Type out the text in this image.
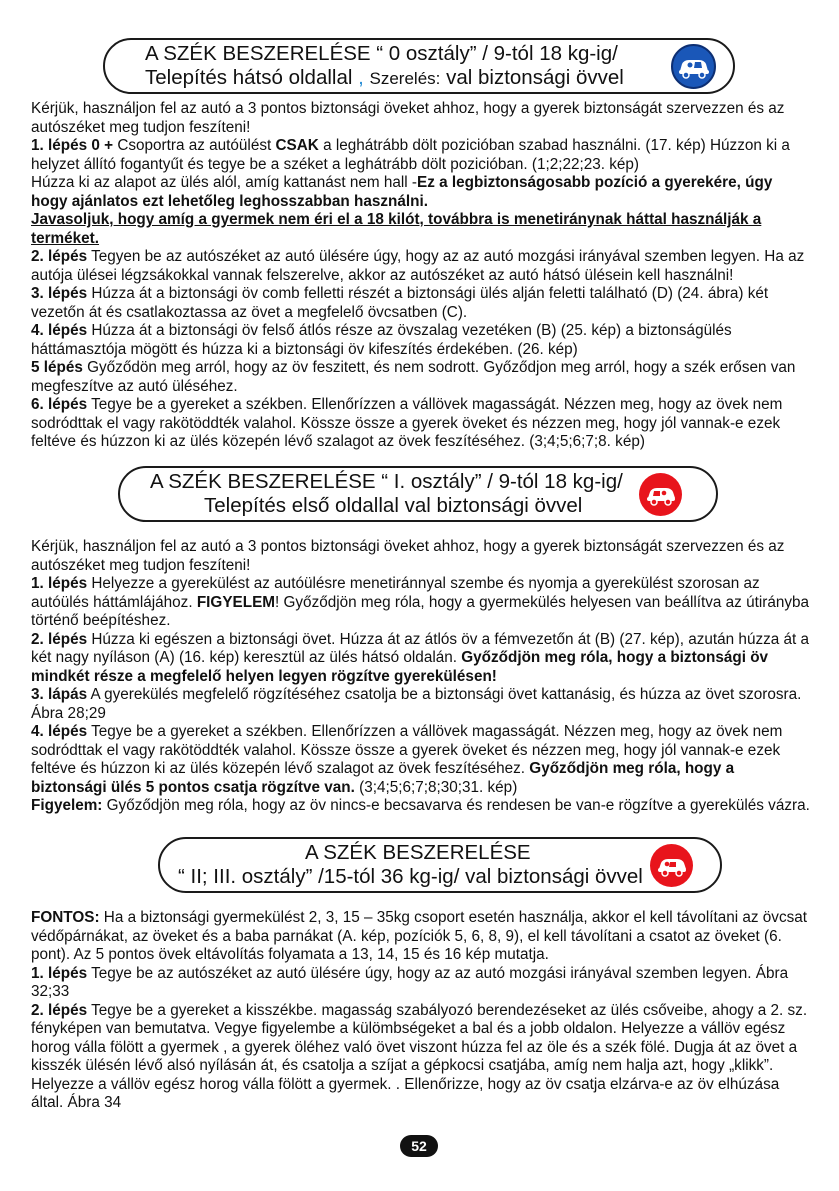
A SZÉK BESZERELÉSE “ 0 osztály” / 9-tól 18 kg-ig/
Telepítés hátsó oldallal , Szerelés: val biztonsági övvel

Kérjük, használjon fel az autó a 3 pontos biztonsági öveket ahhoz, hogy a gyerek biztonságát szervezzen és az autószéket meg tudjon feszíteni!

1. lépés 0 + Csoportra az autóülést CSAK a leghátrább dölt pozicióban szabad használni. (17. kép) Húzzon ki a helyzet állító fogantyűt és tegye be a széket a leghátrább dölt pozicióban. (1;2;22;23. kép)

Húzza ki az alapot az ülés alól, amíg kattanást nem hall -Ez a legbiztonságosabb pozíció a gyerekére, úgy hogy ajánlatos ezt lehetőleg leghosszabban használni.

Javasoljuk, hogy amíg a gyermek nem éri el a 18 kilót, továbbra is menetiránynak háttal használják a terméket.

2. lépés Tegyen be az autószéket az autó ülésére úgy, hogy az az autó mozgási irányával szemben legyen. Ha az autója ülései légzsákokkal vannak felszerelve, akkor az autószéket az autó hátsó ülésein kell használni!

3. lépés Húzza át a biztonsági öv comb felletti részét a biztonsági ülés alján feletti található (D) (24. ábra) két vezetőn át és csatlakoztassa az övet a megfelelő övcsatben (C).

4. lépés Húzza át a biztonsági öv felső átlós része az övszalag vezetéken (B) (25. kép) a biztonságülés háttámasztója mögött és húzza ki a biztonsági öv kifeszítés érdekében. (26. kép)

5 lépés Győződön meg arról, hogy az öv feszitett, és nem sodrott. Győződjon meg arról, hogy a szék erősen van megfeszítve az autó üléséhez.

6. lépés Tegye be a gyereket a székben. Ellenőrízzen a vállövek magasságát. Nézzen meg, hogy az övek nem sodródttak el vagy rakötöddték valahol. Kössze össze a gyerek öveket és nézzen meg, hogy jól vannak-e ezek feltéve és húzzon ki az ülés közepén lévő szalagot az övek feszítéséhez. (3;4;5;6;7;8. kép)

A SZÉK BESZERELÉSE “ I. osztály” / 9-tól 18 kg-ig/
Telepítés első oldallal val biztonsági övvel

Kérjük, használjon fel az autó a 3 pontos biztonsági öveket ahhoz, hogy a gyerek biztonságát szervezzen és az autószéket meg tudjon feszíteni!

1. lépés Helyezze a gyerekülést az autóülésre menetiránnyal szembe és nyomja a gyerekülést szorosan az autóülés háttámlájához. FIGYELEM! Győződjön meg róla, hogy a gyermekülés helyesen van beállítva az útirányba történő beépítéshez.

2. lépés Húzza ki egészen a biztonsági övet. Húzza át az átlós öv a fémvezetőn át (B) (27. kép), azután húzza át a két nagy nyíláson (A) (16. kép) keresztül az ülés hátsó oldalán. Győződjön meg róla, hogy a biztonsági öv mindkét része a megfelelő helyen legyen rögzítve gyerekülésen!

3. lápás A gyerekülés megfelelő rögzítéséhez csatolja be a biztonsági övet kattanásig, és húzza az övet szorosra. Ábra 28;29

4. lépés Tegye be a gyereket a székben. Ellenőrízzen a vállövek magasságát. Nézzen meg, hogy az övek nem sodródttak el vagy rakötöddték valahol. Kössze össze a gyerek öveket és nézzen meg, hogy jól vannak-e ezek feltéve és húzzon ki az ülés közepén lévő szalagot az övek feszítéséhez. Győződjön meg róla, hogy a biztonsági ülés 5 pontos csatja rögzítve van. (3;4;5;6;7;8;30;31. kép)

Figyelem: Győződjön meg róla, hogy az öv nincs-e becsavarva és rendesen be van-e rögzítve a gyerekülés vázra.

A SZÉK BESZERELÉSE
“ II; III. osztály” /15-tól 36 kg-ig/ val biztonsági övvel

FONTOS: Ha a biztonsági gyermekülést 2, 3, 15 – 35kg csoport esetén használja, akkor el kell távolítani az övcsat védőpárnákat, az öveket és a baba parnákat (A. kép, pozíciók 5, 6, 8, 9), el kell távolítani a csatot az öveket (6. pont). Az 5 pontos övek eltávolítás folyamata a 13, 14, 15 és 16 kép mutatja.

1. lépés Tegye be az autószéket az autó ülésére úgy, hogy az az autó mozgási irányával szemben legyen. Ábra 32;33

2. lépés Tegye be a gyereket a kisszékbe. magasság szabályozó berendezéseket az ülés csőveibe, ahogy a 2. sz. fényképen van bemutatva. Vegye figyelembe a külömbségeket a bal és a jobb oldalon. Helyezze a vállöv egész horog válla fölött a gyermek , a gyerek öléhez való övet viszont húzza fel az öle és a szék fölé. Dugja át az övet a kisszék ülésén lévő alsó nyílásán át, és csatolja a szíjat a gépkocsi csatjába, amíg nem halja azt, hogy „klikk”. Helyezze a vállöv egész horog válla fölött a gyermek. . Ellenőrizze, hogy az öv csatja elzárva-e az öv elhúzása által. Ábra 34

52
